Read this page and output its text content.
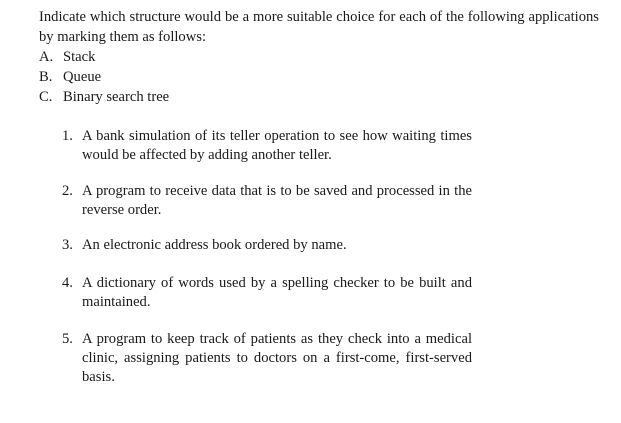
Indicate which structure would be a more suitable choice for each of the following applications by marking them as follows:

A. Stack
B. Queue
C. Binary search tree
1. A bank simulation of its teller operation to see how waiting times would be affected by adding another teller.
2. A program to receive data that is to be saved and processed in the reverse order.
3. An electronic address book ordered by name.
4. A dictionary of words used by a spelling checker to be built and maintained.
5. A program to keep track of patients as they check into a medical clinic, assigning patients to doctors on a first-come, first-served basis.
